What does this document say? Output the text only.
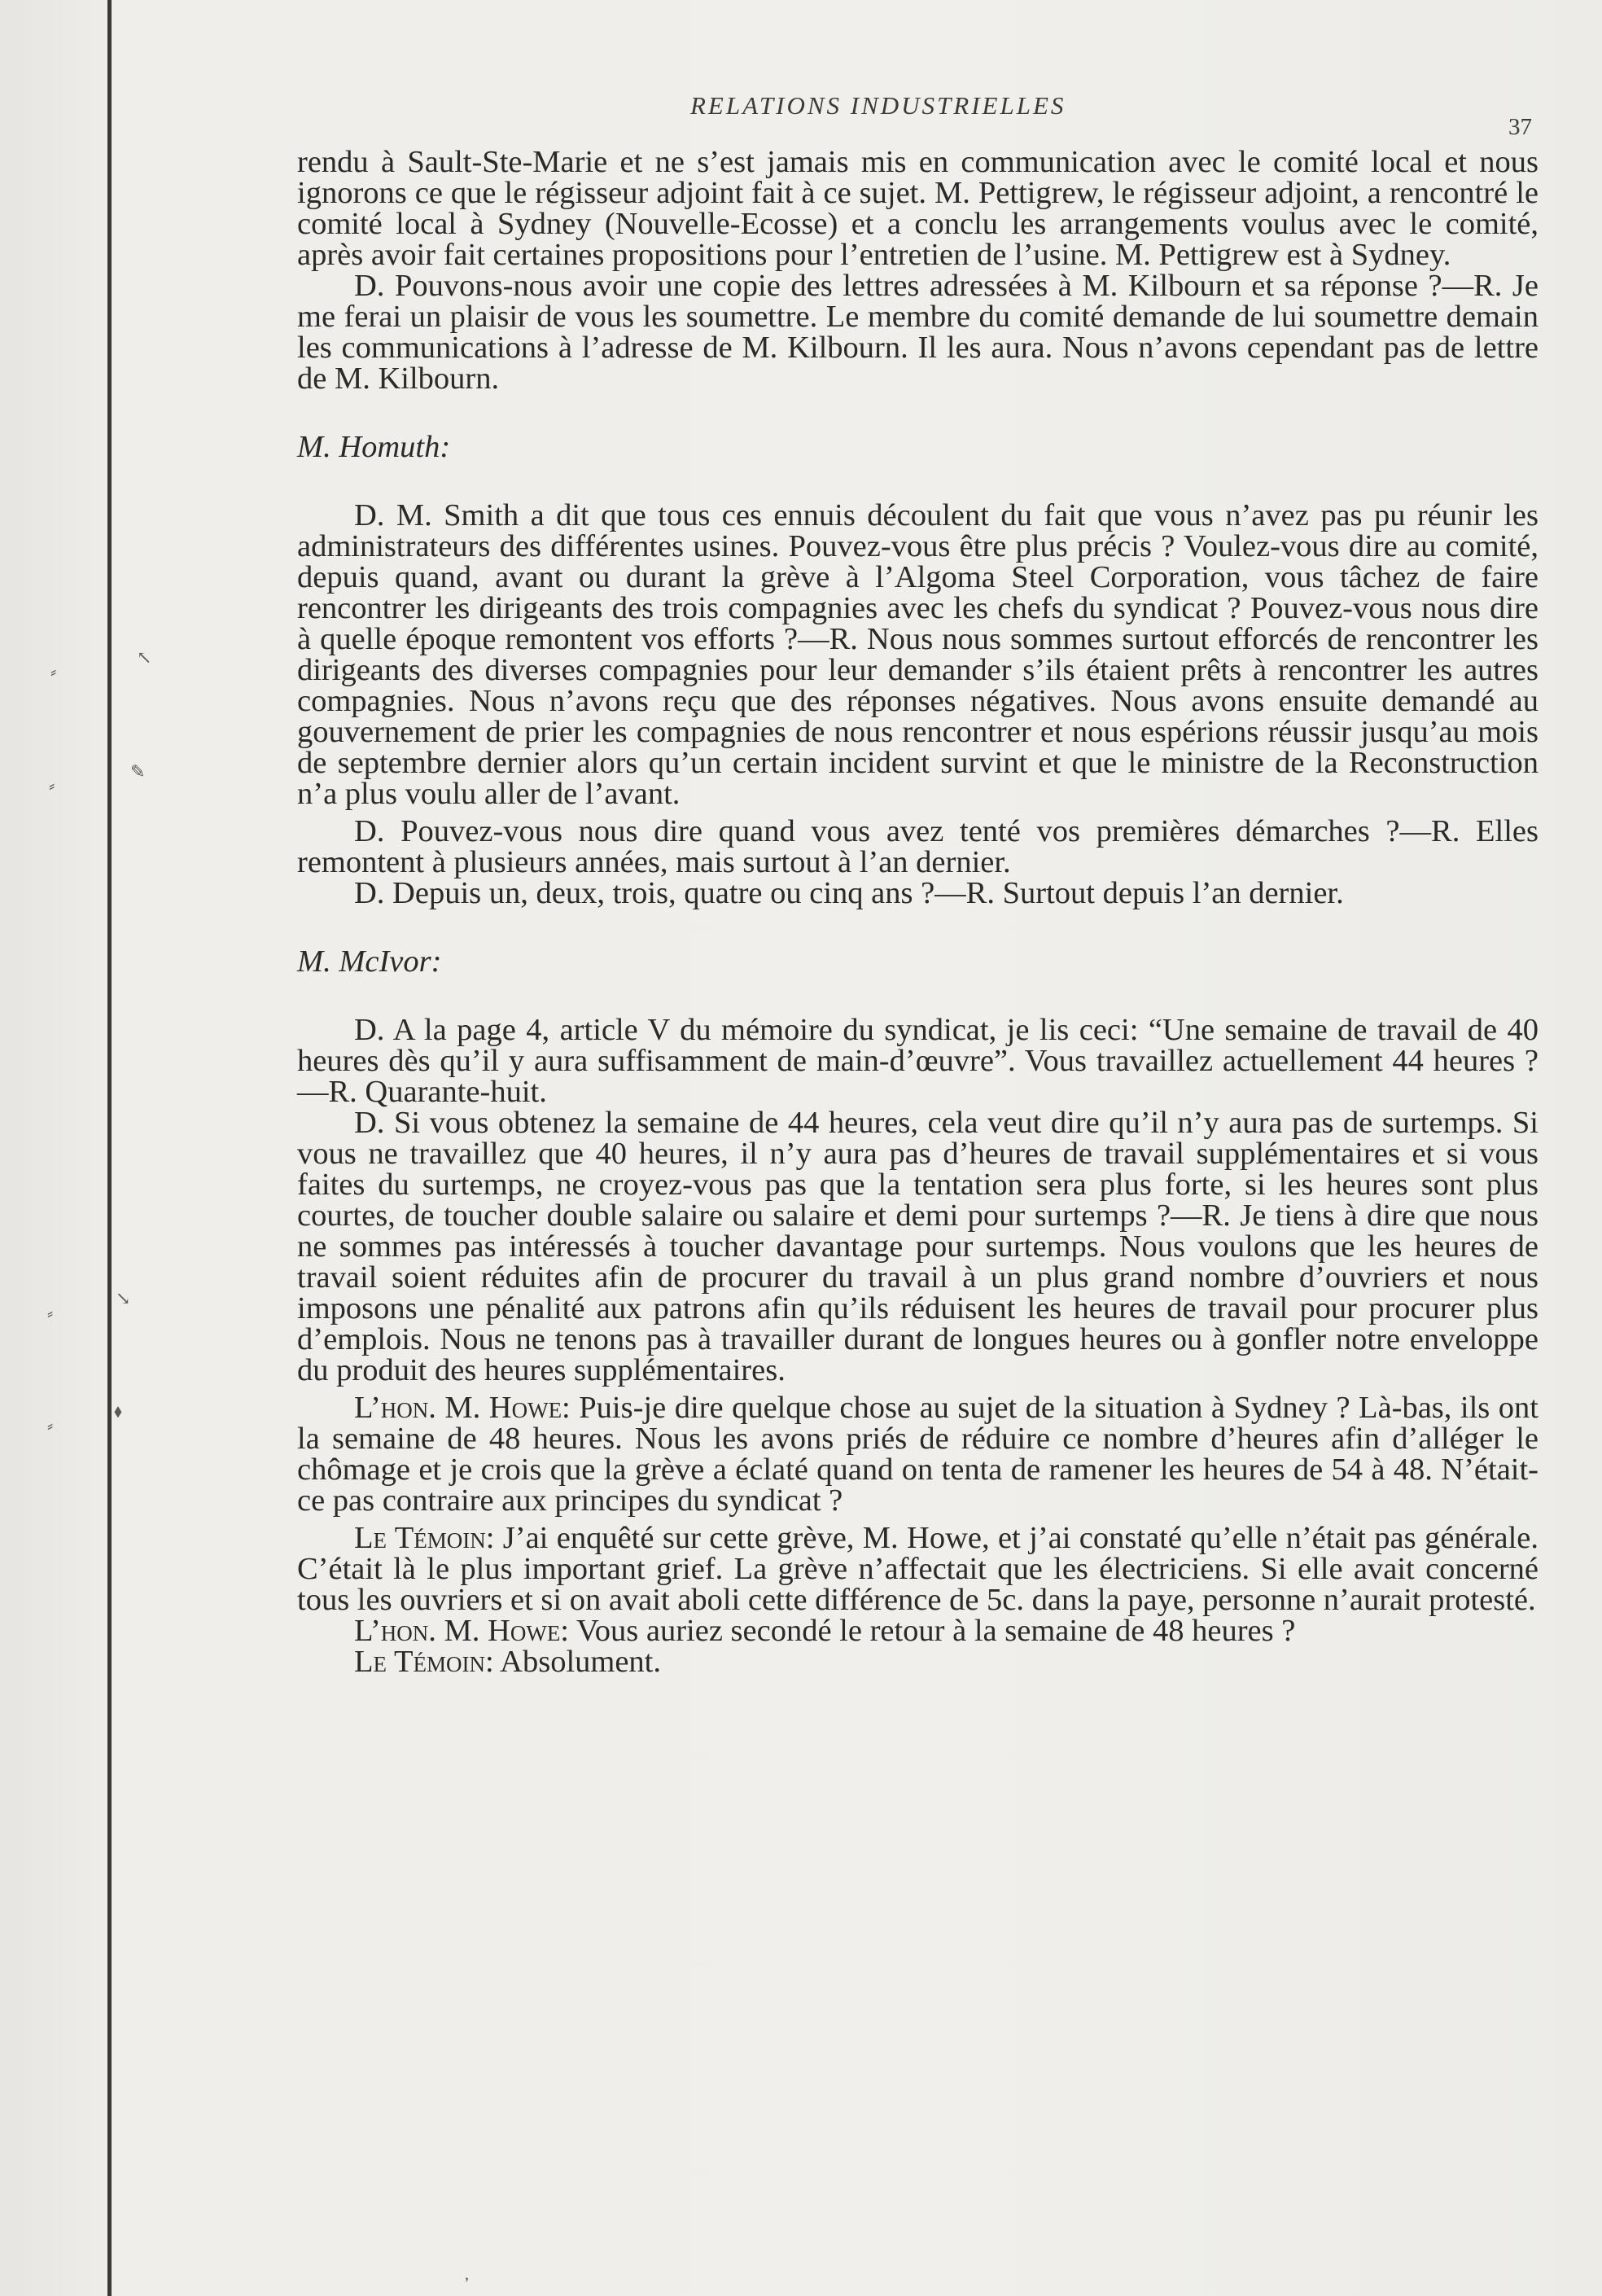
⸗
↖
⸗
✎
⸗
↘
⸗
⬧
RELATIONS INDUSTRIELLES
37

rendu à Sault-Ste-Marie et ne s’est jamais mis en communication avec le comité local et nous ignorons ce que le régisseur adjoint fait à ce sujet. M. Pettigrew, le régisseur adjoint, a rencontré le comité local à Sydney (Nouvelle-Ecosse) et a conclu les arrangements voulus avec le comité, après avoir fait certaines propositions pour l’entretien de l’usine. M. Pettigrew est à Sydney.

D. Pouvons-nous avoir une copie des lettres adressées à M. Kilbourn et sa réponse ?—R. Je me ferai un plaisir de vous les soumettre. Le membre du comité demande de lui soumettre demain les communications à l’adresse de M. Kilbourn. Il les aura. Nous n’avons cependant pas de lettre de M. Kilbourn.

M. Homuth:

D. M. Smith a dit que tous ces ennuis découlent du fait que vous n’avez pas pu réunir les administrateurs des différentes usines. Pouvez-vous être plus précis ? Voulez-vous dire au comité, depuis quand, avant ou durant la grève à l’Algoma Steel Corporation, vous tâchez de faire rencontrer les dirigeants des trois compagnies avec les chefs du syndicat ? Pouvez-vous nous dire à quelle époque remontent vos efforts ?—R. Nous nous sommes surtout efforcés de rencontrer les dirigeants des diverses compagnies pour leur demander s’ils étaient prêts à rencontrer les autres compagnies. Nous n’avons reçu que des réponses négatives. Nous avons ensuite demandé au gouvernement de prier les compagnies de nous rencontrer et nous espérions réussir jusqu’au mois de septembre dernier alors qu’un certain incident survint et que le ministre de la Reconstruction n’a plus voulu aller de l’avant.

D. Pouvez-vous nous dire quand vous avez tenté vos premières démarches ?—R. Elles remontent à plusieurs années, mais surtout à l’an dernier.

D. Depuis un, deux, trois, quatre ou cinq ans ?—R. Surtout depuis l’an dernier.

M. McIvor:

D. A la page 4, article V du mémoire du syndicat, je lis ceci: “Une semaine de travail de 40 heures dès qu’il y aura suffisamment de main-d’œuvre”. Vous travaillez actuellement 44 heures ?—R. Quarante-huit.

D. Si vous obtenez la semaine de 44 heures, cela veut dire qu’il n’y aura pas de surtemps. Si vous ne travaillez que 40 heures, il n’y aura pas d’heures de travail supplémentaires et si vous faites du surtemps, ne croyez-vous pas que la tentation sera plus forte, si les heures sont plus courtes, de toucher double salaire ou salaire et demi pour surtemps ?—R. Je tiens à dire que nous ne sommes pas intéressés à toucher davantage pour surtemps. Nous voulons que les heures de travail soient réduites afin de procurer du travail à un plus grand nombre d’ouvriers et nous imposons une pénalité aux patrons afin qu’ils réduisent les heures de travail pour procurer plus d’emplois. Nous ne tenons pas à travailler durant de longues heures ou à gonfler notre enveloppe du produit des heures supplémentaires.

L’hon. M. Howe: Puis-je dire quelque chose au sujet de la situation à Sydney ? Là-bas, ils ont la semaine de 48 heures. Nous les avons priés de réduire ce nombre d’heures afin d’alléger le chômage et je crois que la grève a éclaté quand on tenta de ramener les heures de 54 à 48. N’était-ce pas contraire aux principes du syndicat ?

Le Témoin: J’ai enquêté sur cette grève, M. Howe, et j’ai constaté qu’elle n’était pas générale. C’était là le plus important grief. La grève n’affectait que les électriciens. Si elle avait concerné tous les ouvriers et si on avait aboli cette différence de 5c. dans la paye, personne n’aurait protesté.

L’hon. M. Howe: Vous auriez secondé le retour à la semaine de 48 heures ?

Le Témoin: Absolument.

ʼ
